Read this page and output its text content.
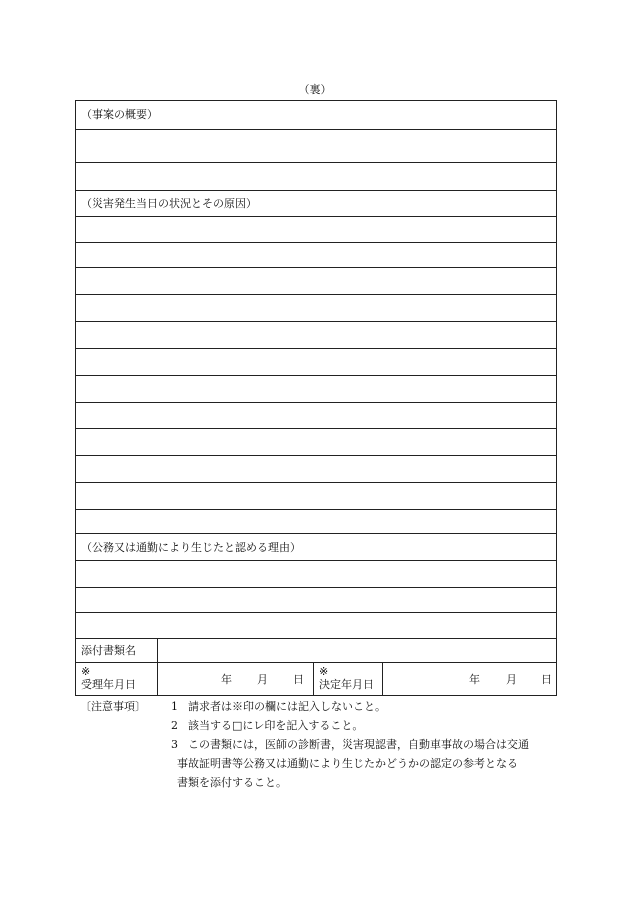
（裏）
（事案の概要）
（災害発生当日の状況とその原因）
（公務又は通勤により生じたと認める理由）
添付書類名
※
受理年月日	年 月 日
※
決定年月日	年 月 日
〔注意事項〕 1 請求者は※印の欄には記入しないこと。
2 該当する□にレ印を記入すること。
3 この書類には，医師の診断書，災害現認書，自動車事故の場合は交通
事故証明書等公務又は通勤により生じたかどうかの認定の参考となる
書類を添付すること。
